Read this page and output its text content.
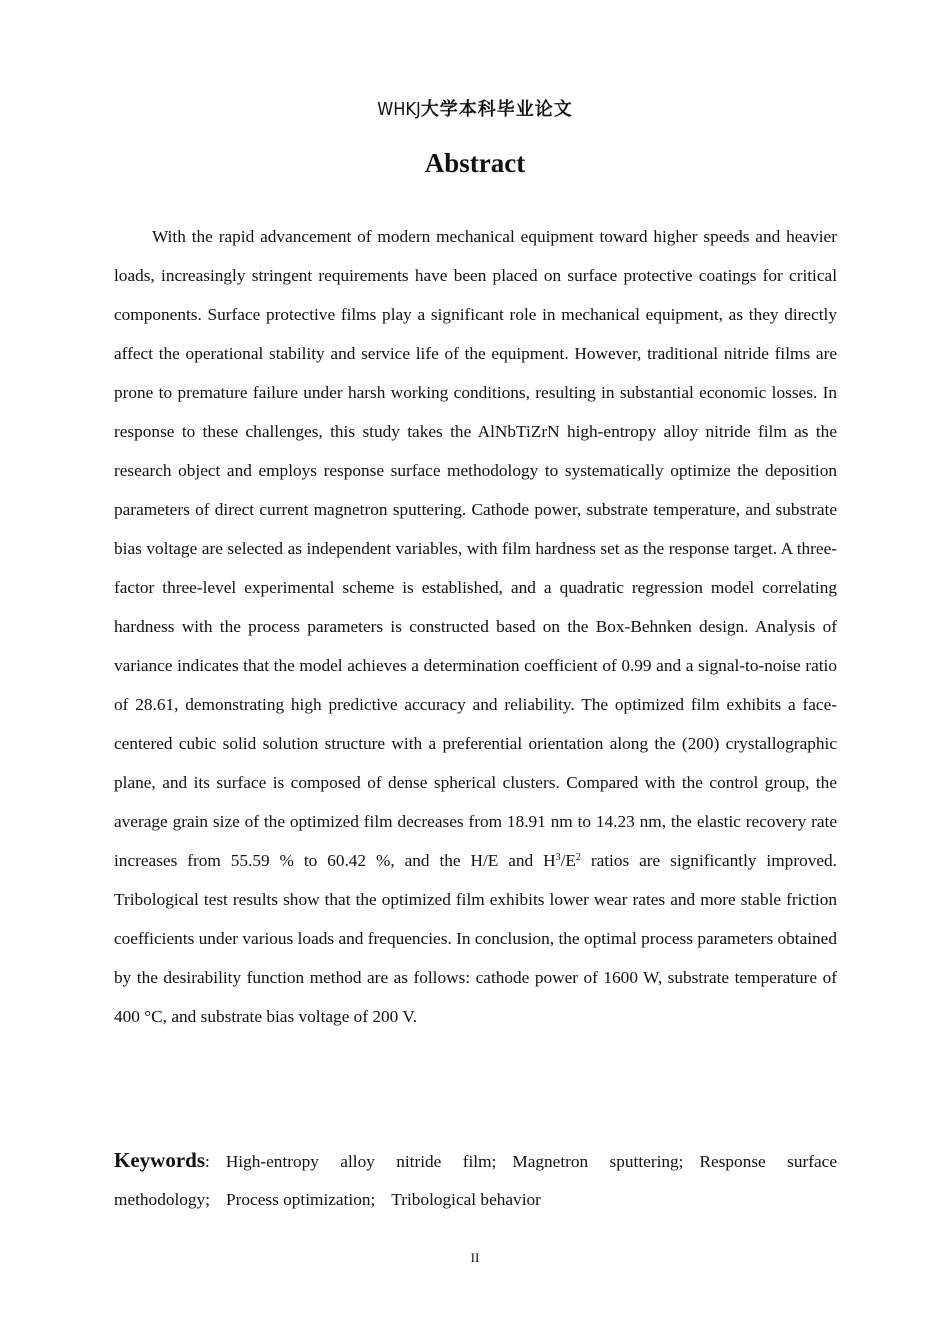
WHKJ大学本科毕业论文
Abstract

With the rapid advancement of modern mechanical equipment toward higher speeds and heavier loads, increasingly stringent requirements have been placed on surface protective coatings for critical components. Surface protective films play a significant role in mechanical equipment, as they directly affect the operational stability and service life of the equipment. However, traditional nitride films are prone to premature failure under harsh working conditions, resulting in substantial economic losses. In response to these challenges, this study takes the AlNbTiZrN high-entropy alloy nitride film as the research object and employs response surface methodology to systematically optimize the deposition parameters of direct current magnetron sputtering. Cathode power, substrate temperature, and substrate bias voltage are selected as independent variables, with film hardness set as the response target. A three-factor three-level experimental scheme is established, and a quadratic regression model correlating hardness with the process parameters is constructed based on the Box-Behnken design. Analysis of variance indicates that the model achieves a determination coefficient of 0.99 and a signal-to-noise ratio of 28.61, demonstrating high predictive accuracy and reliability. The optimized film exhibits a face-centered cubic solid solution structure with a preferential orientation along the (200) crystallographic plane, and its surface is composed of dense spherical clusters. Compared with the control group, the average grain size of the optimized film decreases from 18.91 nm to 14.23 nm, the elastic recovery rate increases from 55.59 % to 60.42 %, and the H/E and $H^3/E^2$ ratios are significantly improved. Tribological test results show that the optimized film exhibits lower wear rates and more stable friction coefficients under various loads and frequencies. In conclusion, the optimal process parameters obtained by the desirability function method are as follows: cathode power of 1600 W, substrate temperature of 400 °C, and substrate bias voltage of 200 V.

Keywords: High-entropy alloy nitride film; Magnetron sputtering; Response surface methodology; Process optimization; Tribological behavior

II
